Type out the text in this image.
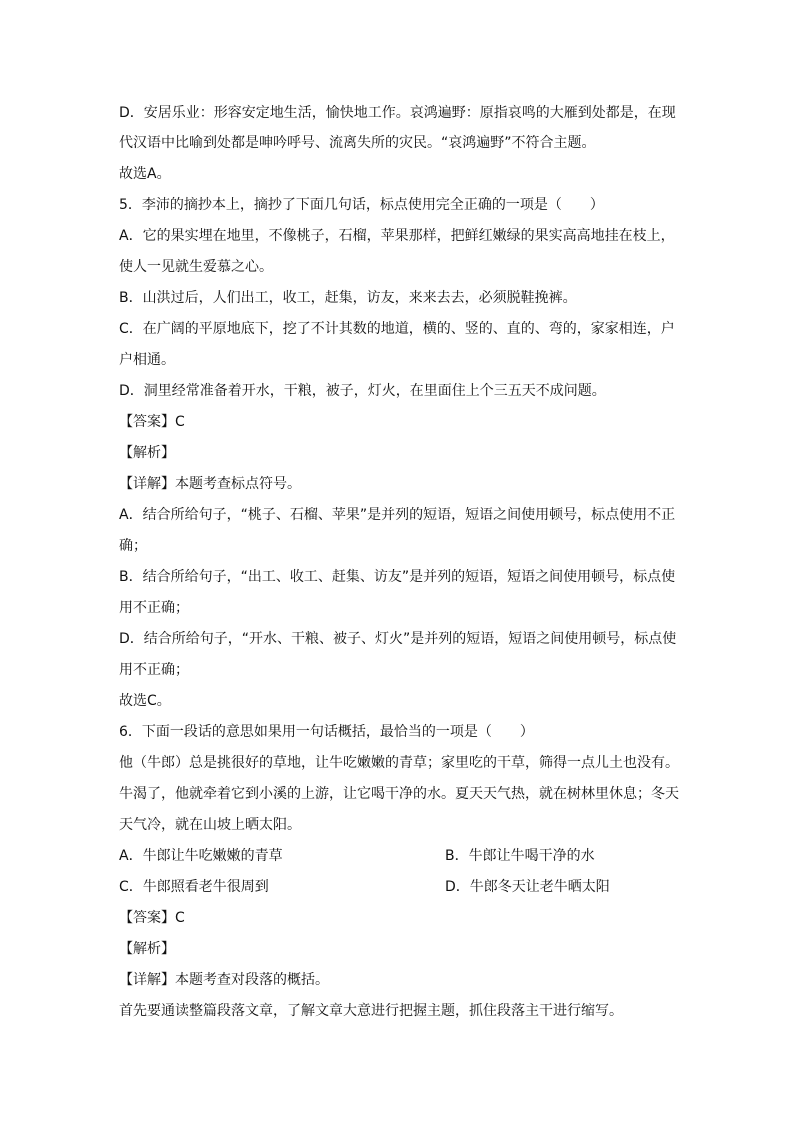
D．安居乐业：形容安定地生活，愉快地工作。哀鸿遍野：原指哀鸣的大雁到处都是，在现
代汉语中比喻到处都是呻吟呼号、流离失所的灾民。“哀鸿遍野”不符合主题。
故选A。
5．李沛的摘抄本上，摘抄了下面几句话，标点使用完全正确的一项是（　　）
A．它的果实埋在地里，不像桃子，石榴，苹果那样，把鲜红嫩绿的果实高高地挂在枝上，
使人一见就生爱慕之心。
B．山洪过后，人们出工，收工，赶集，访友，来来去去，必须脱鞋挽裤。
C．在广阔的平原地底下，挖了不计其数的地道，横的、竖的、直的、弯的，家家相连，户
户相通。
D．洞里经常准备着开水，干粮，被子，灯火，在里面住上个三五天不成问题。
【答案】C
【解析】
【详解】本题考查标点符号。
A．结合所给句子，“桃子、石榴、苹果”是并列的短语，短语之间使用顿号，标点使用不正
确；
B．结合所给句子，“出工、收工、赶集、访友”是并列的短语，短语之间使用顿号，标点使
用不正确；
D．结合所给句子，“开水、干粮、被子、灯火”是并列的短语，短语之间使用顿号，标点使
用不正确；
故选C。
6．下面一段话的意思如果用一句话概括，最恰当的一项是（　　）
他（牛郎）总是挑很好的草地，让牛吃嫩嫩的青草；家里吃的干草，筛得一点儿土也没有。
牛渴了，他就牵着它到小溪的上游，让它喝干净的水。夏天天气热，就在树林里休息；冬天
天气冷，就在山坡上晒太阳。
A．牛郎让牛吃嫩嫩的青草	B．牛郎让牛喝干净的水
C．牛郎照看老牛很周到	D．牛郎冬天让老牛晒太阳
【答案】C
【解析】
【详解】本题考查对段落的概括。
首先要通读整篇段落文章，了解文章大意进行把握主题，抓住段落主干进行缩写。
